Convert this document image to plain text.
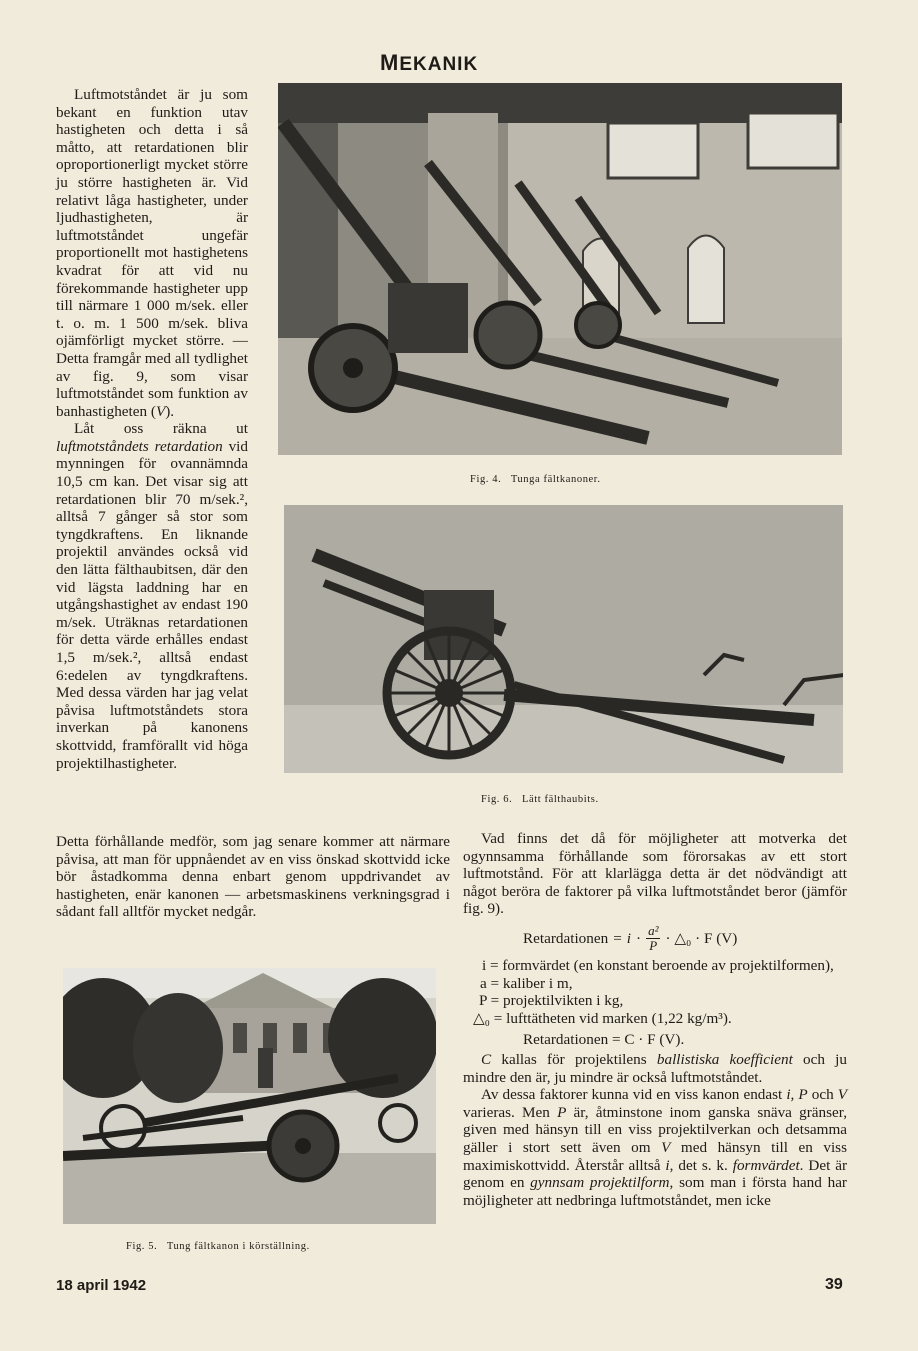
MEKANIK

Luftmotståndet är ju som bekant en funktion utav hastigheten och detta i så måtto, att retardationen blir oproportionerligt mycket större ju större hastigheten är. Vid relativt låga hastigheter, under ljudhastigheten, är luftmotståndet ungefär proportionellt mot hastighetens kvadrat för att vid nu förekommande hastigheter upp till närmare 1 000 m/sek. eller t. o. m. 1 500 m/sek. bliva ojämförligt mycket större. — Detta framgår med all tydlighet av fig. 9, som visar luftmotståndet som funktion av banhastigheten (V).

Låt oss räkna ut luftmotståndets retardation vid mynningen för ovannämnda 10,5 cm kan. Det visar sig att retardationen blir 70 m/sek.², alltså 7 gånger så stor som tyngdkraftens. En liknande projektil användes också vid den lätta fälthaubitsen, där den vid lägsta laddning har en utgångshastighet av endast 190 m/sek. Uträknas retardationen för detta värde erhålles endast 1,5 m/sek.², alltså endast 6:edelen av tyngdkraftens. Med dessa värden har jag velat påvisa luftmotståndets stora inverkan på kanonens skottvidd, framförallt vid höga projektilhastigheter.

Fig. 4.   Tunga fältkanoner.
Fig. 6.   Lätt fälthaubits.
Detta förhållande medför, som jag senare kommer att närmare påvisa, att man för uppnåendet av en viss önskad skottvidd icke bör åstadkomma denna enbart genom uppdrivandet av hastigheten, enär kanonen — arbetsmaskinens verkningsgrad i sådant fall alltför mycket nedgår.
Fig. 5.   Tung fältkanon i körställning.

Vad finns det då för möjligheter att motverka det ogynnsamma förhållande som förorsakas av ett stort luftmotstånd. För att klarlägga detta är det nödvändigt att något beröra de faktorer på vilka luftmotståndet beror (jämför fig. 9).

Retardationen = i · a²
P · △₀ · F (V)

i = formvärdet (en konstant beroende av projektilformen),

a = kaliber i m,

P = projektilvikten i kg,

△₀ = lufttätheten vid marken (1,22 kg/m³).

Retardationen = C · F (V).

C kallas för projektilens ballistiska koefficient och ju mindre den är, ju mindre är också luftmotståndet.

Av dessa faktorer kunna vid en viss kanon endast i, P och V varieras. Men P är, åtminstone inom ganska snäva gränser, given med hänsyn till en viss projektilverkan och detsamma gäller i stort sett även om V med hänsyn till en viss maximiskottvidd. Återstår alltså i, det s. k. formvärdet. Det är genom en gynnsam projektilform, som man i första hand har möjligheter att nedbringa luftmotståndet, men icke

18 april 1942	39
